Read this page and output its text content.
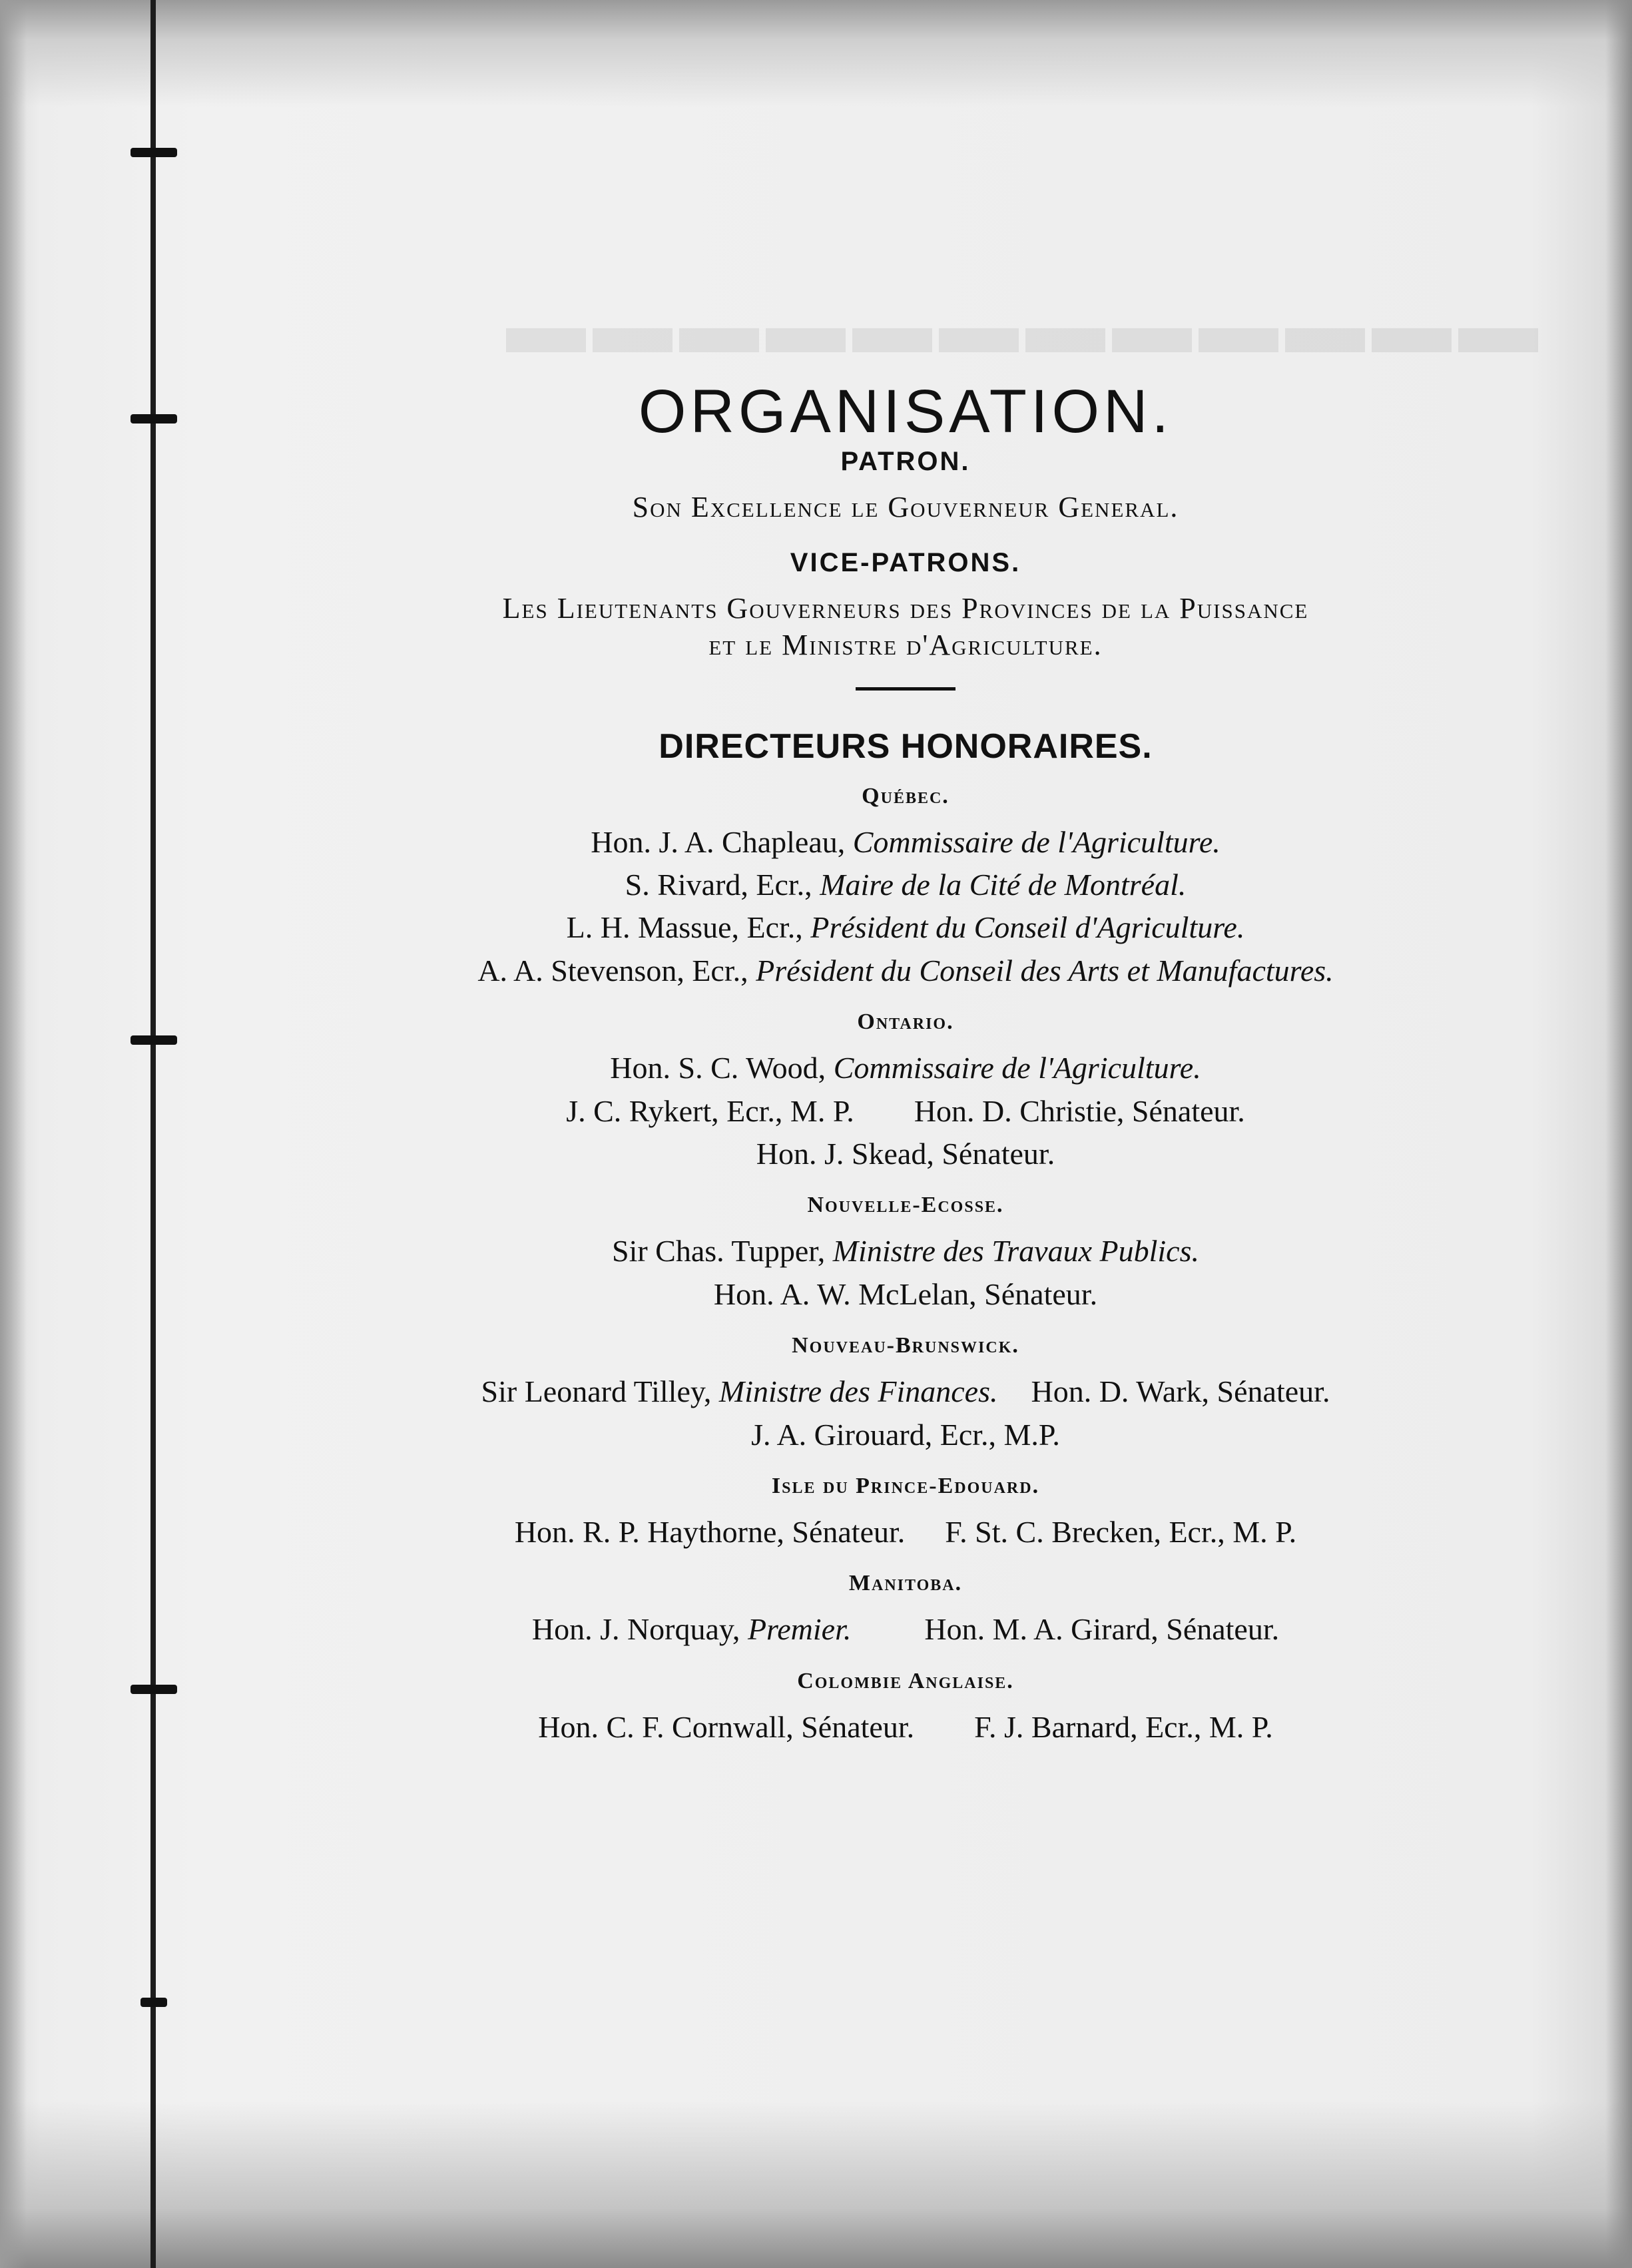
▬▬▬▬▬▬▬▬▬▬▬▬
ORGANISATION.
PATRON.
Son Excellence le Gouverneur General.
VICE-PATRONS.
Les Lieutenants Gouverneurs des Provinces de la Puissance
et le Ministre d'Agriculture.
DIRECTEURS HONORAIRES.
Québec.
Hon. J. A. Chapleau, Commissaire de l'Agriculture.
S. Rivard, Ecr., Maire de la Cité de Montréal.
L. H. Massue, Ecr., Président du Conseil d'Agriculture.
A. A. Stevenson, Ecr., Président du Conseil des Arts et Manufactures.
Ontario.
Hon. S. C. Wood, Commissaire de l'Agriculture.
J. C. Rykert, Ecr., M. P. Hon. D. Christie, Sénateur.
Hon. J. Skead, Sénateur.
Nouvelle-Ecosse.
Sir Chas. Tupper, Ministre des Travaux Publics.
Hon. A. W. McLelan, Sénateur.
Nouveau-Brunswick.
Sir Leonard Tilley, Ministre des Finances. Hon. D. Wark, Sénateur.
J. A. Girouard, Ecr., M.P.
Isle du Prince-Edouard.
Hon. R. P. Haythorne, Sénateur. F. St. C. Brecken, Ecr., M. P.
Manitoba.
Hon. J. Norquay, Premier. Hon. M. A. Girard, Sénateur.
Colombie Anglaise.
Hon. C. F. Cornwall, Sénateur. F. J. Barnard, Ecr., M. P.
